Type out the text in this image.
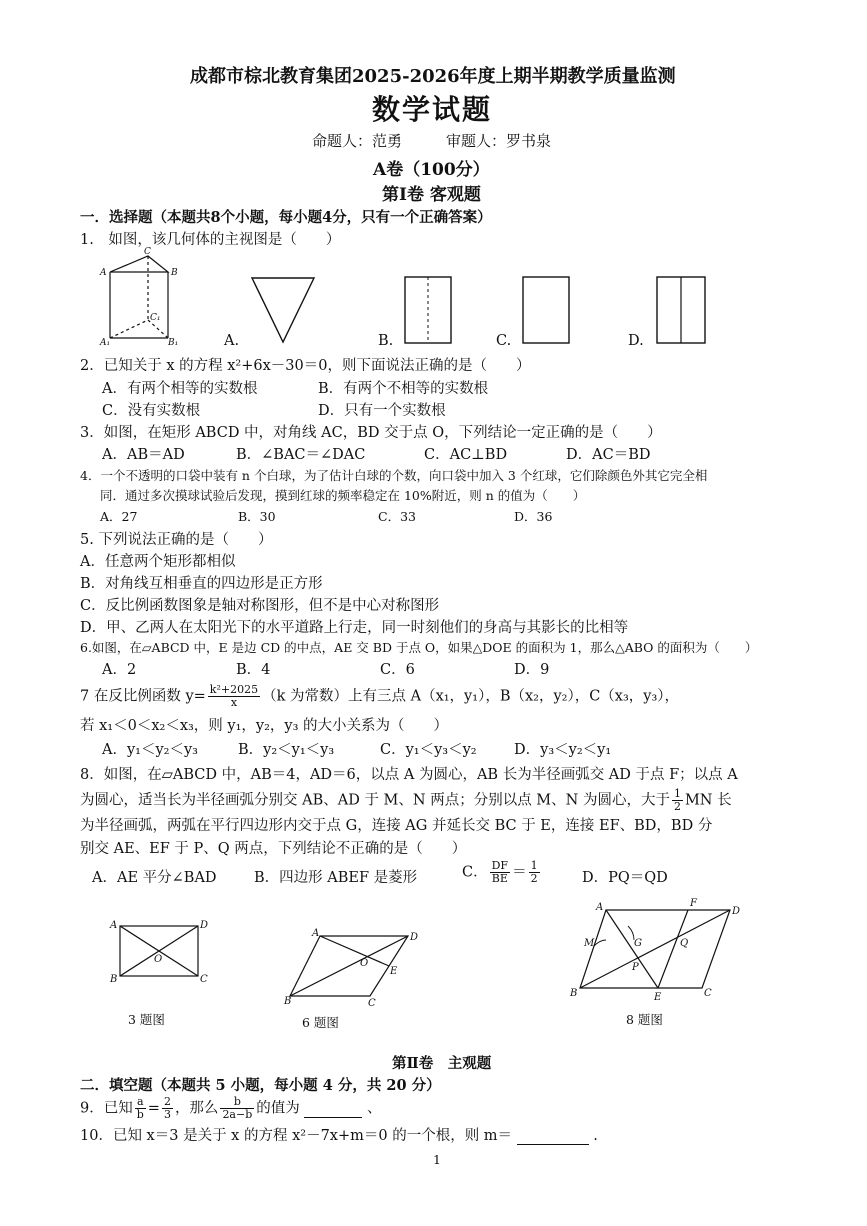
成都市棕北教育集团2025-2026年度上期半期教学质量监测
数学试题
命题人：范勇	审题人：罗书泉
A卷（100分）
第Ⅰ卷 客观题
一．选择题（本题共8个小题，每小题4分，只有一个正确答案）
1.　如图，该几何体的主视图是（　　）
A
C
B
C₁
A₁	B₁	A.	B.	C.	D.
2．已知关于 x 的方程 x²+6x－30＝0，则下面说法正确的是（　　）
A．有两个相等的实数根	B．有两个不相等的实数根
C．没有实数根	D．只有一个实数根
3．如图，在矩形 ABCD 中，对角线 AC，BD 交于点 O，下列结论一定正确的是（　　）
A．AB＝AD	B．∠BAC＝∠DAC	C．AC⊥BD	D．AC＝BD
4．一个不透明的口袋中装有 n 个白球，为了估计白球的个数，向口袋中加入 3 个红球，它们除颜色外其它完全相
同．通过多次摸球试验后发现，摸到红球的频率稳定在 10%附近，则 n 的值为（　　）
A．27	B．30	C．33	D．36
5. 下列说法正确的是（　　）
A．任意两个矩形都相似
B．对角线互相垂直的四边形是正方形
C．反比例函数图象是轴对称图形，但不是中心对称图形
D．甲、乙两人在太阳光下的水平道路上行走，同一时刻他们的身高与其影长的比相等
6.如图，在▱ABCD 中，E 是边 CD 的中点，AE 交 BD 于点 O，如果△DOE 的面积为 1，那么△ABO 的面积为（　　）
A．2	B．4	C．6	D．9
7 在反比例函数 $y= \frac{\text{k²+2025}}{x} (k$ 为常数）上有三点 A（x₁，y₁），B（x₂，y₂），C（x₃，y₃），
若 x₁＜0＜x₂＜x₃，则 y₁，y₂，y₃ 的大小关系为（　　）
A．y₁＜y₂＜y₃	B．y₂＜y₁＜y₃	C．y₁＜y₃＜y₂	D．y₃＜y₂＜y₁
8．如图，在▱ABCD 中，AB＝4，AD＝6，以点 A 为圆心，AB 长为半径画弧交 AD 于点 F；以点 A
为圆心，适当长为半径画弧分别交 AB、AD 于 M、N 两点；分别以点 M、N 为圆心，大于 $\frac{1}{2}$ MN 长
为半径画弧，两弧在平行四边形内交于点 G，连接 AG 并延长交 BC 于 E，连接 EF、BD，BD 分
别交 AE、EF 于 P、Q 两点，下列结论不正确的是（　　）
A．AE 平分∠BAD	B．四边形 ABEF 是菱形	C． $\frac{DF}{BE} = \frac{1}{2}$	D．PQ＝QD
A	D
O
B	C
3 题图
A	D
O
E
B	C
6 题图
A	F
D
M	G	Q
P
B	E	C
8 题图
第Ⅱ卷　主观题
二．填空题（本题共 5 小题，每小题 4 分，共 20 分）
9．已知 $\frac{a}{b} = \frac{2}{3}$ ，那么 $\frac{b}{2a-b}$ 的值为	、
10．已知 x＝3 是关于 x 的方程 x²－7x+m＝0 的一个根，则 m＝	.
1
